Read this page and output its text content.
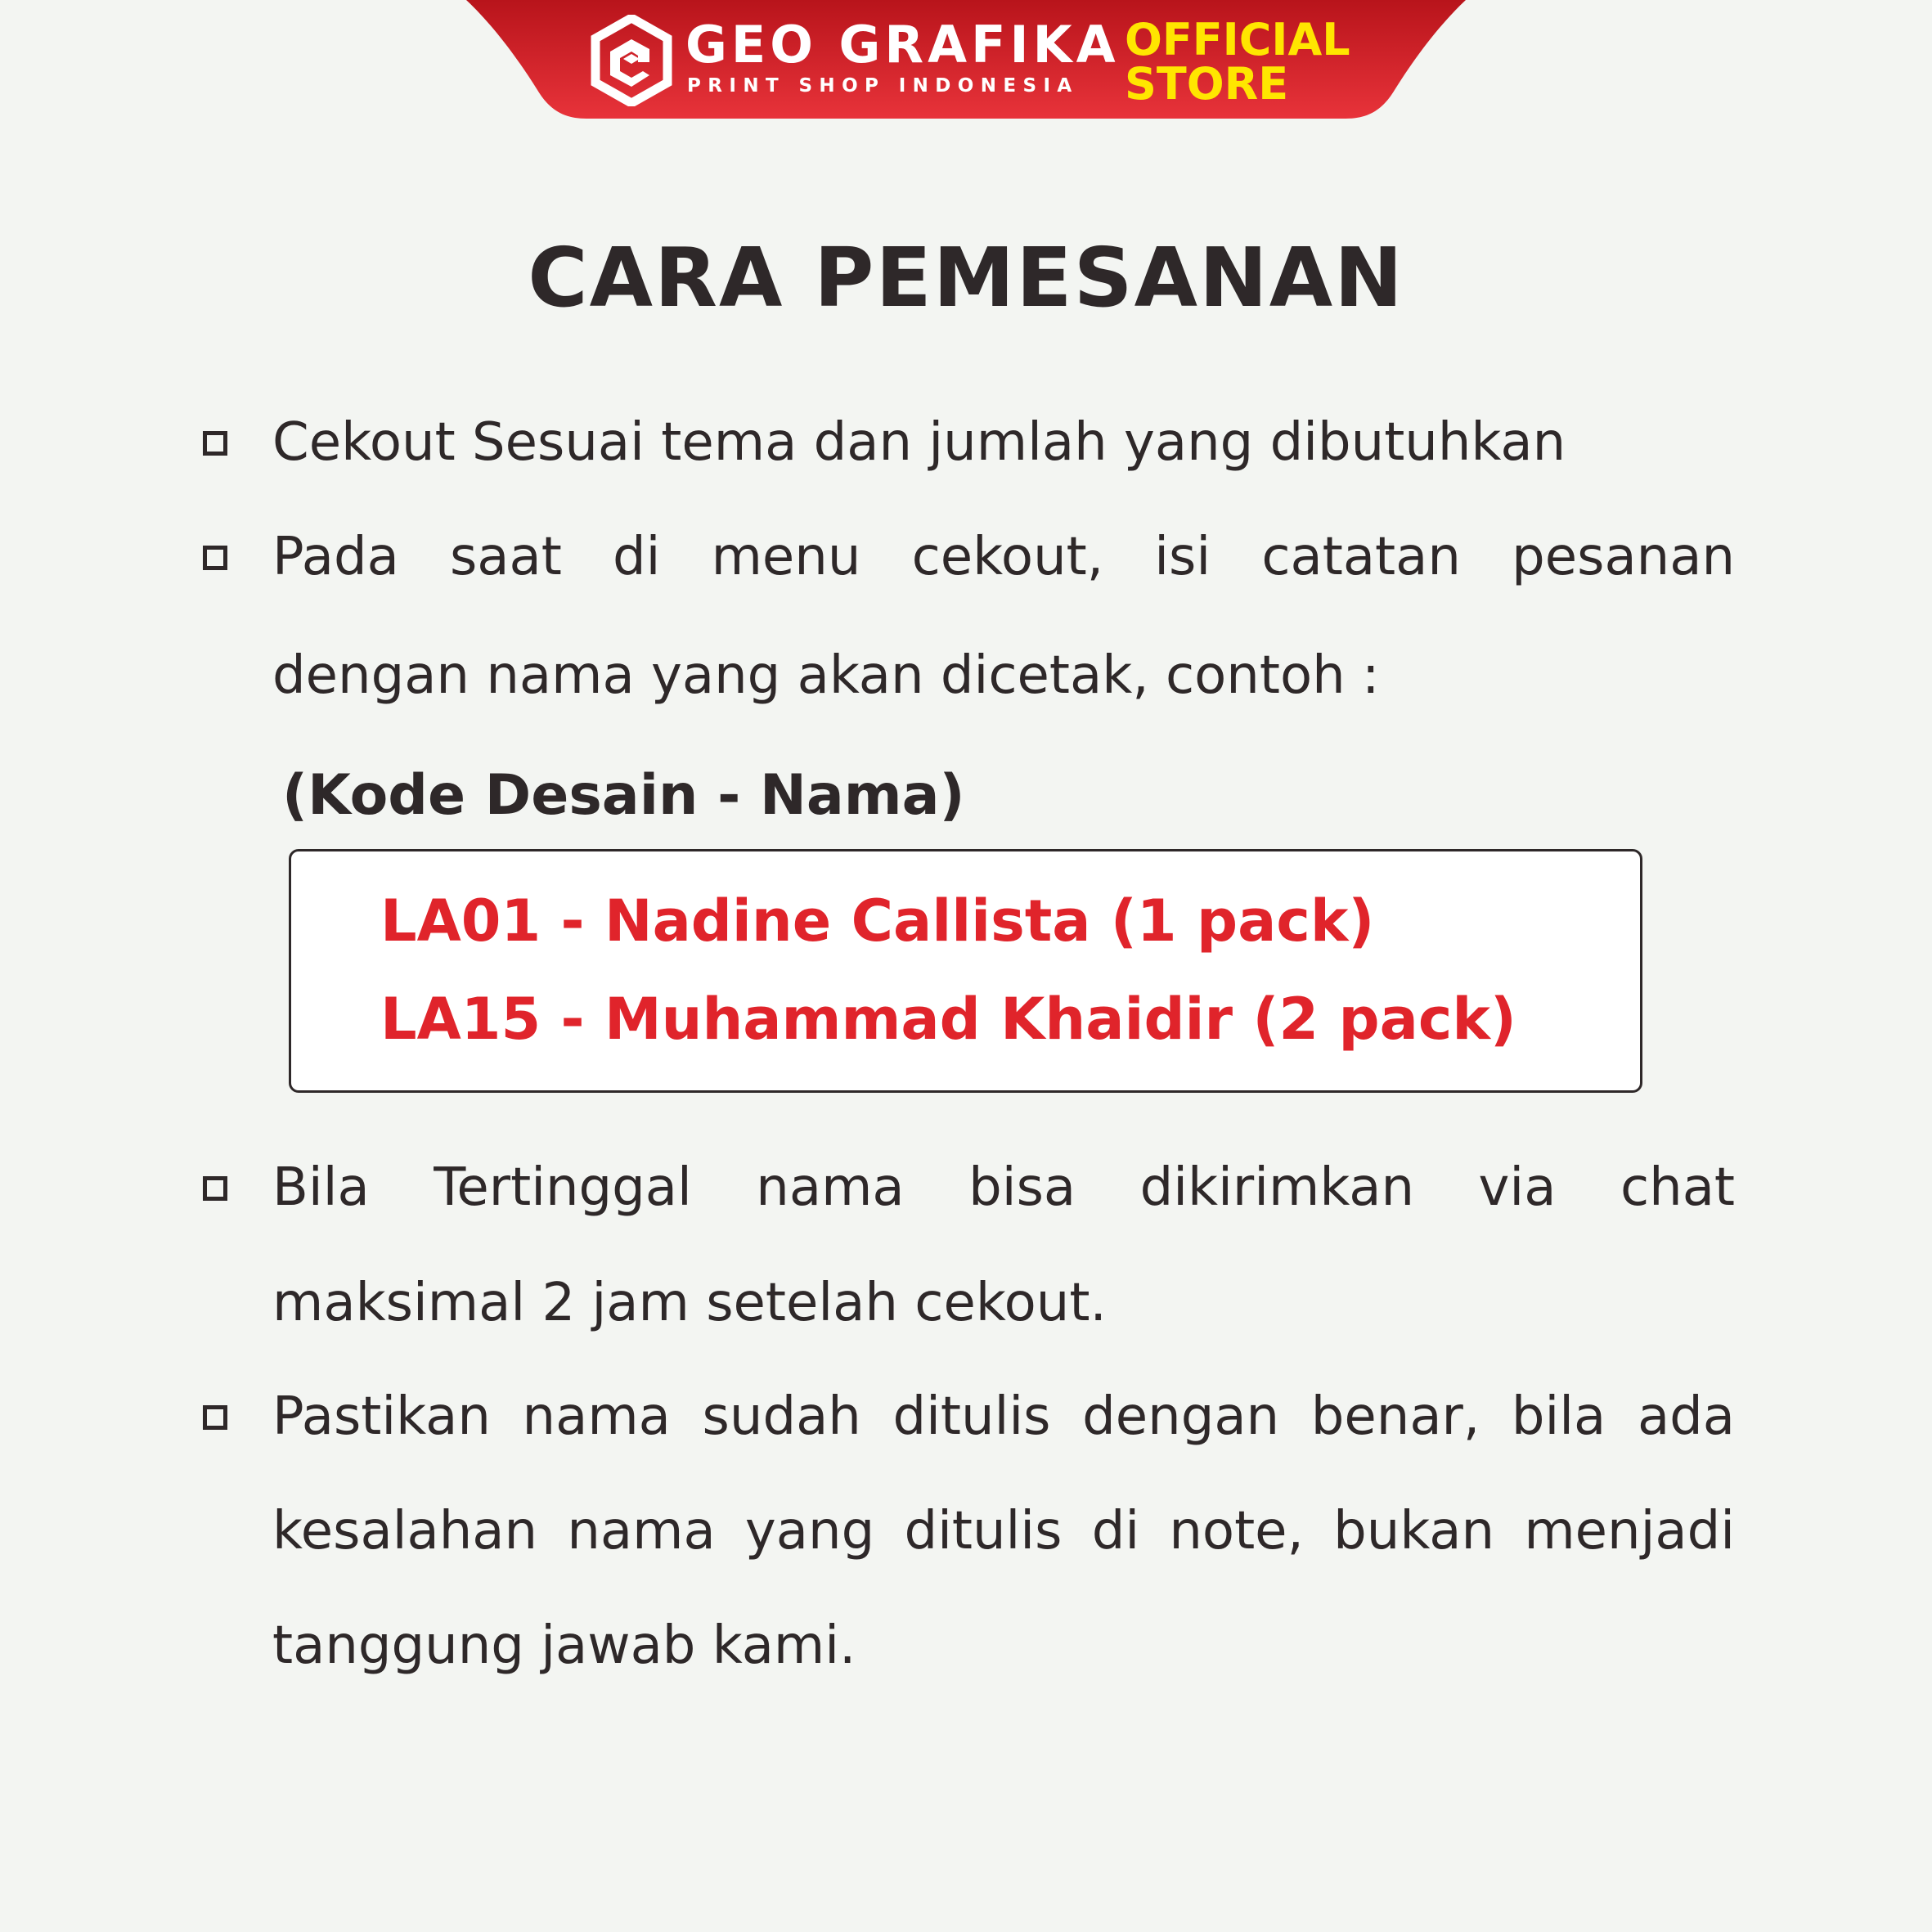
GEO GRAFIKA
PRINT SHOP INDONESIA
OFFICIAL
STORE
CARA PEMESANAN
Cekout Sesuai tema dan jumlah yang dibutuhkan
Pada saat di menu cekout, isi catatan pesanan
dengan nama yang akan dicetak, contoh :
(Kode Desain - Nama)
LA01 - Nadine Callista (1 pack)
LA15 - Muhammad Khaidir (2 pack)
Bila Tertinggal nama bisa dikirimkan via chat
maksimal 2 jam setelah cekout.
Pastikan nama sudah ditulis dengan benar, bila ada
kesalahan nama yang ditulis di note, bukan menjadi
tanggung jawab kami.
